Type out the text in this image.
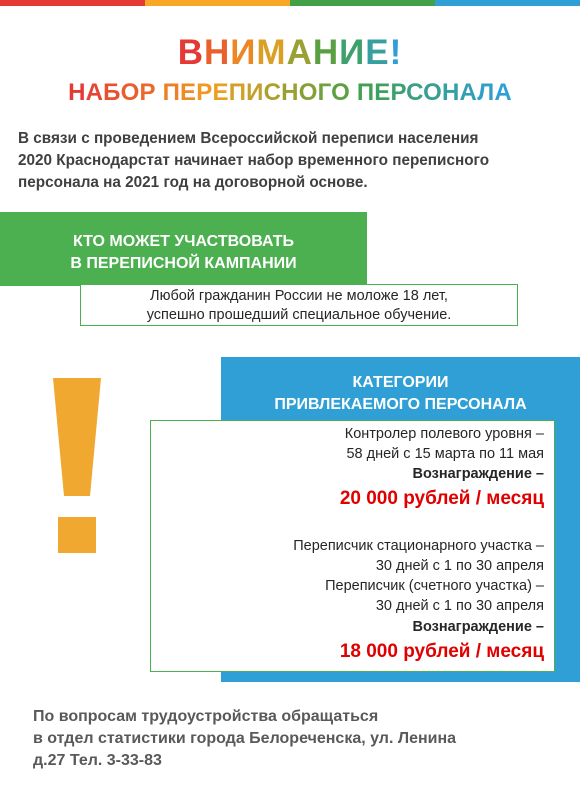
ВНИМАНИЕ!
НАБОР ПЕРЕПИСНОГО ПЕРСОНАЛА
В связи с проведением Всероссийской переписи населения
2020 Краснодарстат начинает набор временного переписного
персонала на 2021 год на договорной основе.
КТО МОЖЕТ УЧАСТВОВАТЬ
В ПЕРЕПИСНОЙ КАМПАНИИ
Любой гражданин России не моложе 18 лет,
успешно прошедший специальное обучение.
КАТЕГОРИИ
ПРИВЛЕКАЕМОГО ПЕРСОНАЛА
Контролер полевого уровня –
58 дней с 15 марта по 11 мая
Вознаграждение –
20 000 рублей / месяц
Переписчик стационарного участка –
30 дней с 1 по 30 апреля
Переписчик (счетного участка) –
30 дней с 1 по 30 апреля
Вознаграждение –
18 000 рублей / месяц
По вопросам трудоустройства обращаться
в отдел статистики города Белореченска, ул. Ленина
д.27 Тел. 3-33-83
